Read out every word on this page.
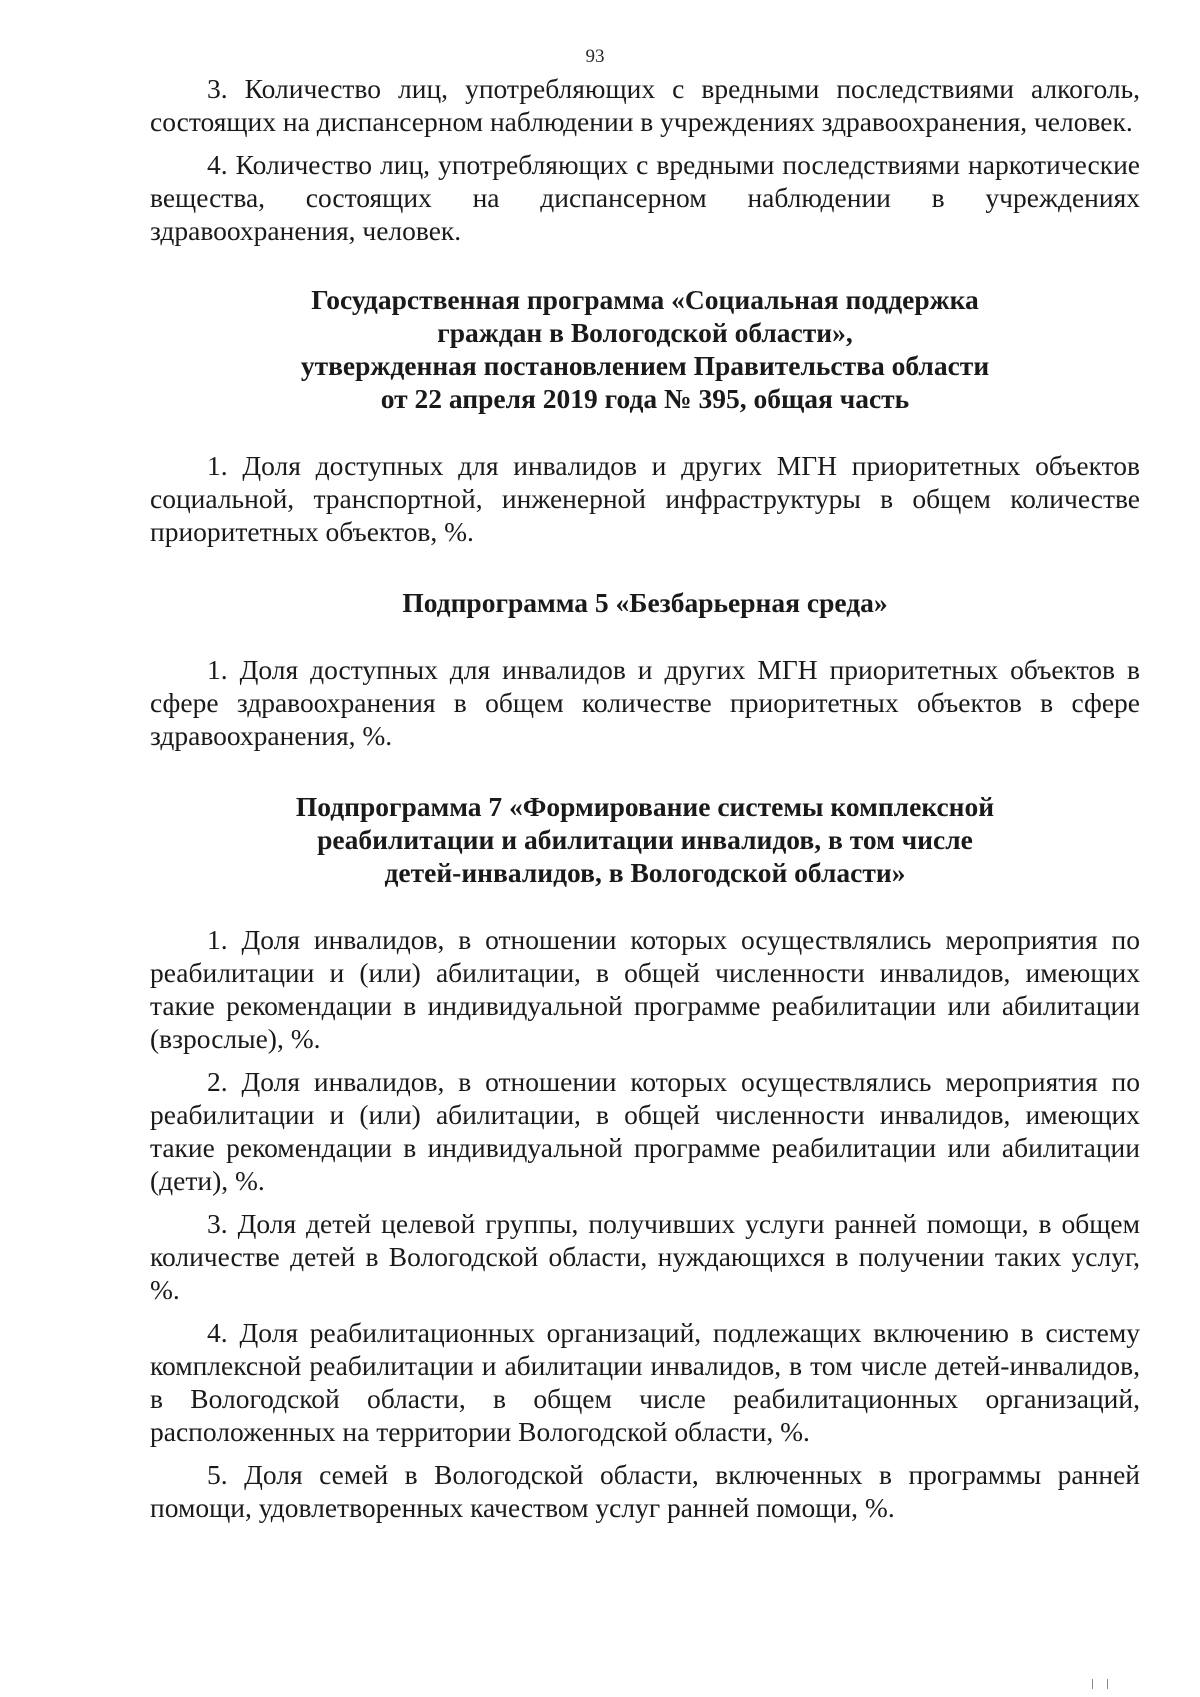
93

3. Количество лиц, употребляющих с вредными последствиями алкоголь, состоящих на диспансерном наблюдении в учреждениях здравоохранения, человек.

4. Количество лиц, употребляющих с вредными последствиями наркотические вещества, состоящих на диспансерном наблюдении в учреждениях здравоохранения, человек.

Государственная программа «Социальная поддержка
граждан в Вологодской области»,
утвержденная постановлением Правительства области
от 22 апреля 2019 года № 395, общая часть

1. Доля доступных для инвалидов и других МГН приоритетных объектов социальной, транспортной, инженерной инфраструктуры в общем количестве приоритетных объектов, %.

Подпрограмма 5 «Безбарьерная среда»

1. Доля доступных для инвалидов и других МГН приоритетных объектов в сфере здравоохранения в общем количестве приоритетных объектов в сфере здравоохранения, %.

Подпрограмма 7 «Формирование системы комплексной
реабилитации и абилитации инвалидов, в том числе
детей-инвалидов, в Вологодской области»

1. Доля инвалидов, в отношении которых осуществлялись мероприятия по реабилитации и (или) абилитации, в общей численности инвалидов, имеющих такие рекомендации в индивидуальной программе реабилитации или абилитации (взрослые), %.

2. Доля инвалидов, в отношении которых осуществлялись мероприятия по реабилитации и (или) абилитации, в общей численности инвалидов, имеющих такие рекомендации в индивидуальной программе реабилитации или абилитации (дети), %.

3. Доля детей целевой группы, получивших услуги ранней помощи, в общем количестве детей в Вологодской области, нуждающихся в получении таких услуг, %.

4. Доля реабилитационных организаций, подлежащих включению в систему комплексной реабилитации и абилитации инвалидов, в том числе детей-инвалидов, в Вологодской области, в общем числе реабилитационных организаций, расположенных на территории Вологодской области, %.

5. Доля семей в Вологодской области, включенных в программы ранней помощи, удовлетворенных качеством услуг ранней помощи, %.
